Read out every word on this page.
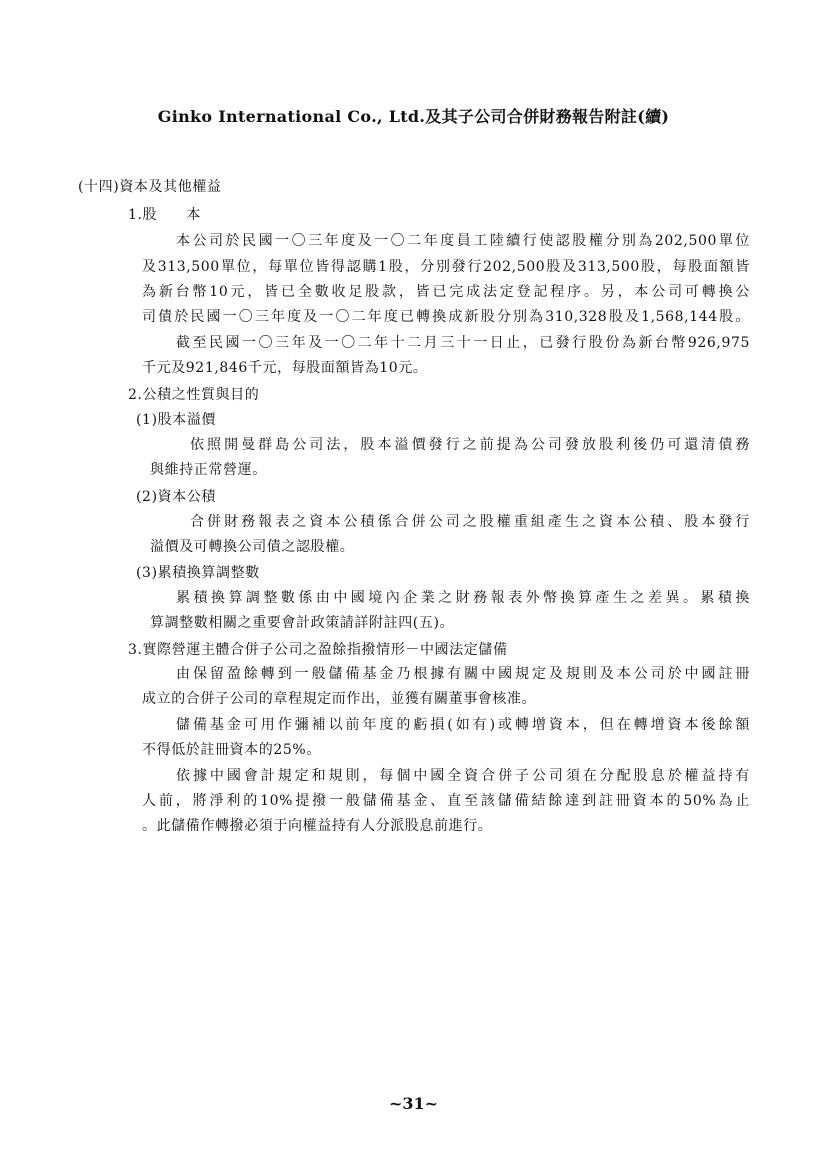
Ginko International Co., Ltd.及其子公司合併財務報告附註(續)
(十四)資本及其他權益
1.股　　本
本公司於民國一〇三年度及一〇二年度員工陸續行使認股權分別為202,500單位
及313,500單位，每單位皆得認購1股，分別發行202,500股及313,500股，每股面額皆
為新台幣10元，皆已全數收足股款，皆已完成法定登記程序。另，本公司可轉換公
司債於民國一〇三年度及一〇二年度已轉換成新股分別為310,328股及1,568,144股。
截至民國一〇三年及一〇二年十二月三十一日止，已發行股份為新台幣926,975
千元及921,846千元，每股面額皆為10元。
2.公積之性質與目的
(1)股本溢價
依照開曼群島公司法，股本溢價發行之前提為公司發放股利後仍可還清債務
與維持正常營運。
(2)資本公積
合併財務報表之資本公積係合併公司之股權重組產生之資本公積、股本發行
溢價及可轉換公司債之認股權。
(3)累積換算調整數
累積換算調整數係由中國境內企業之財務報表外幣換算產生之差異。累積換
算調整數相關之重要會計政策請詳附註四(五)。
3.實際營運主體合併子公司之盈餘指撥情形－中國法定儲備
由保留盈餘轉到一般儲備基金乃根據有關中國規定及規則及本公司於中國註冊
成立的合併子公司的章程規定而作出，並獲有關董事會核准。
儲備基金可用作彌補以前年度的虧損(如有)或轉增資本，但在轉增資本後餘額
不得低於註冊資本的25%。
依據中國會計規定和規則，每個中國全資合併子公司須在分配股息於權益持有
人前，將淨利的10%提撥一般儲備基金、直至該儲備結餘達到註冊資本的50%為止
。此儲備作轉撥必須于向權益持有人分派股息前進行。
~31~
